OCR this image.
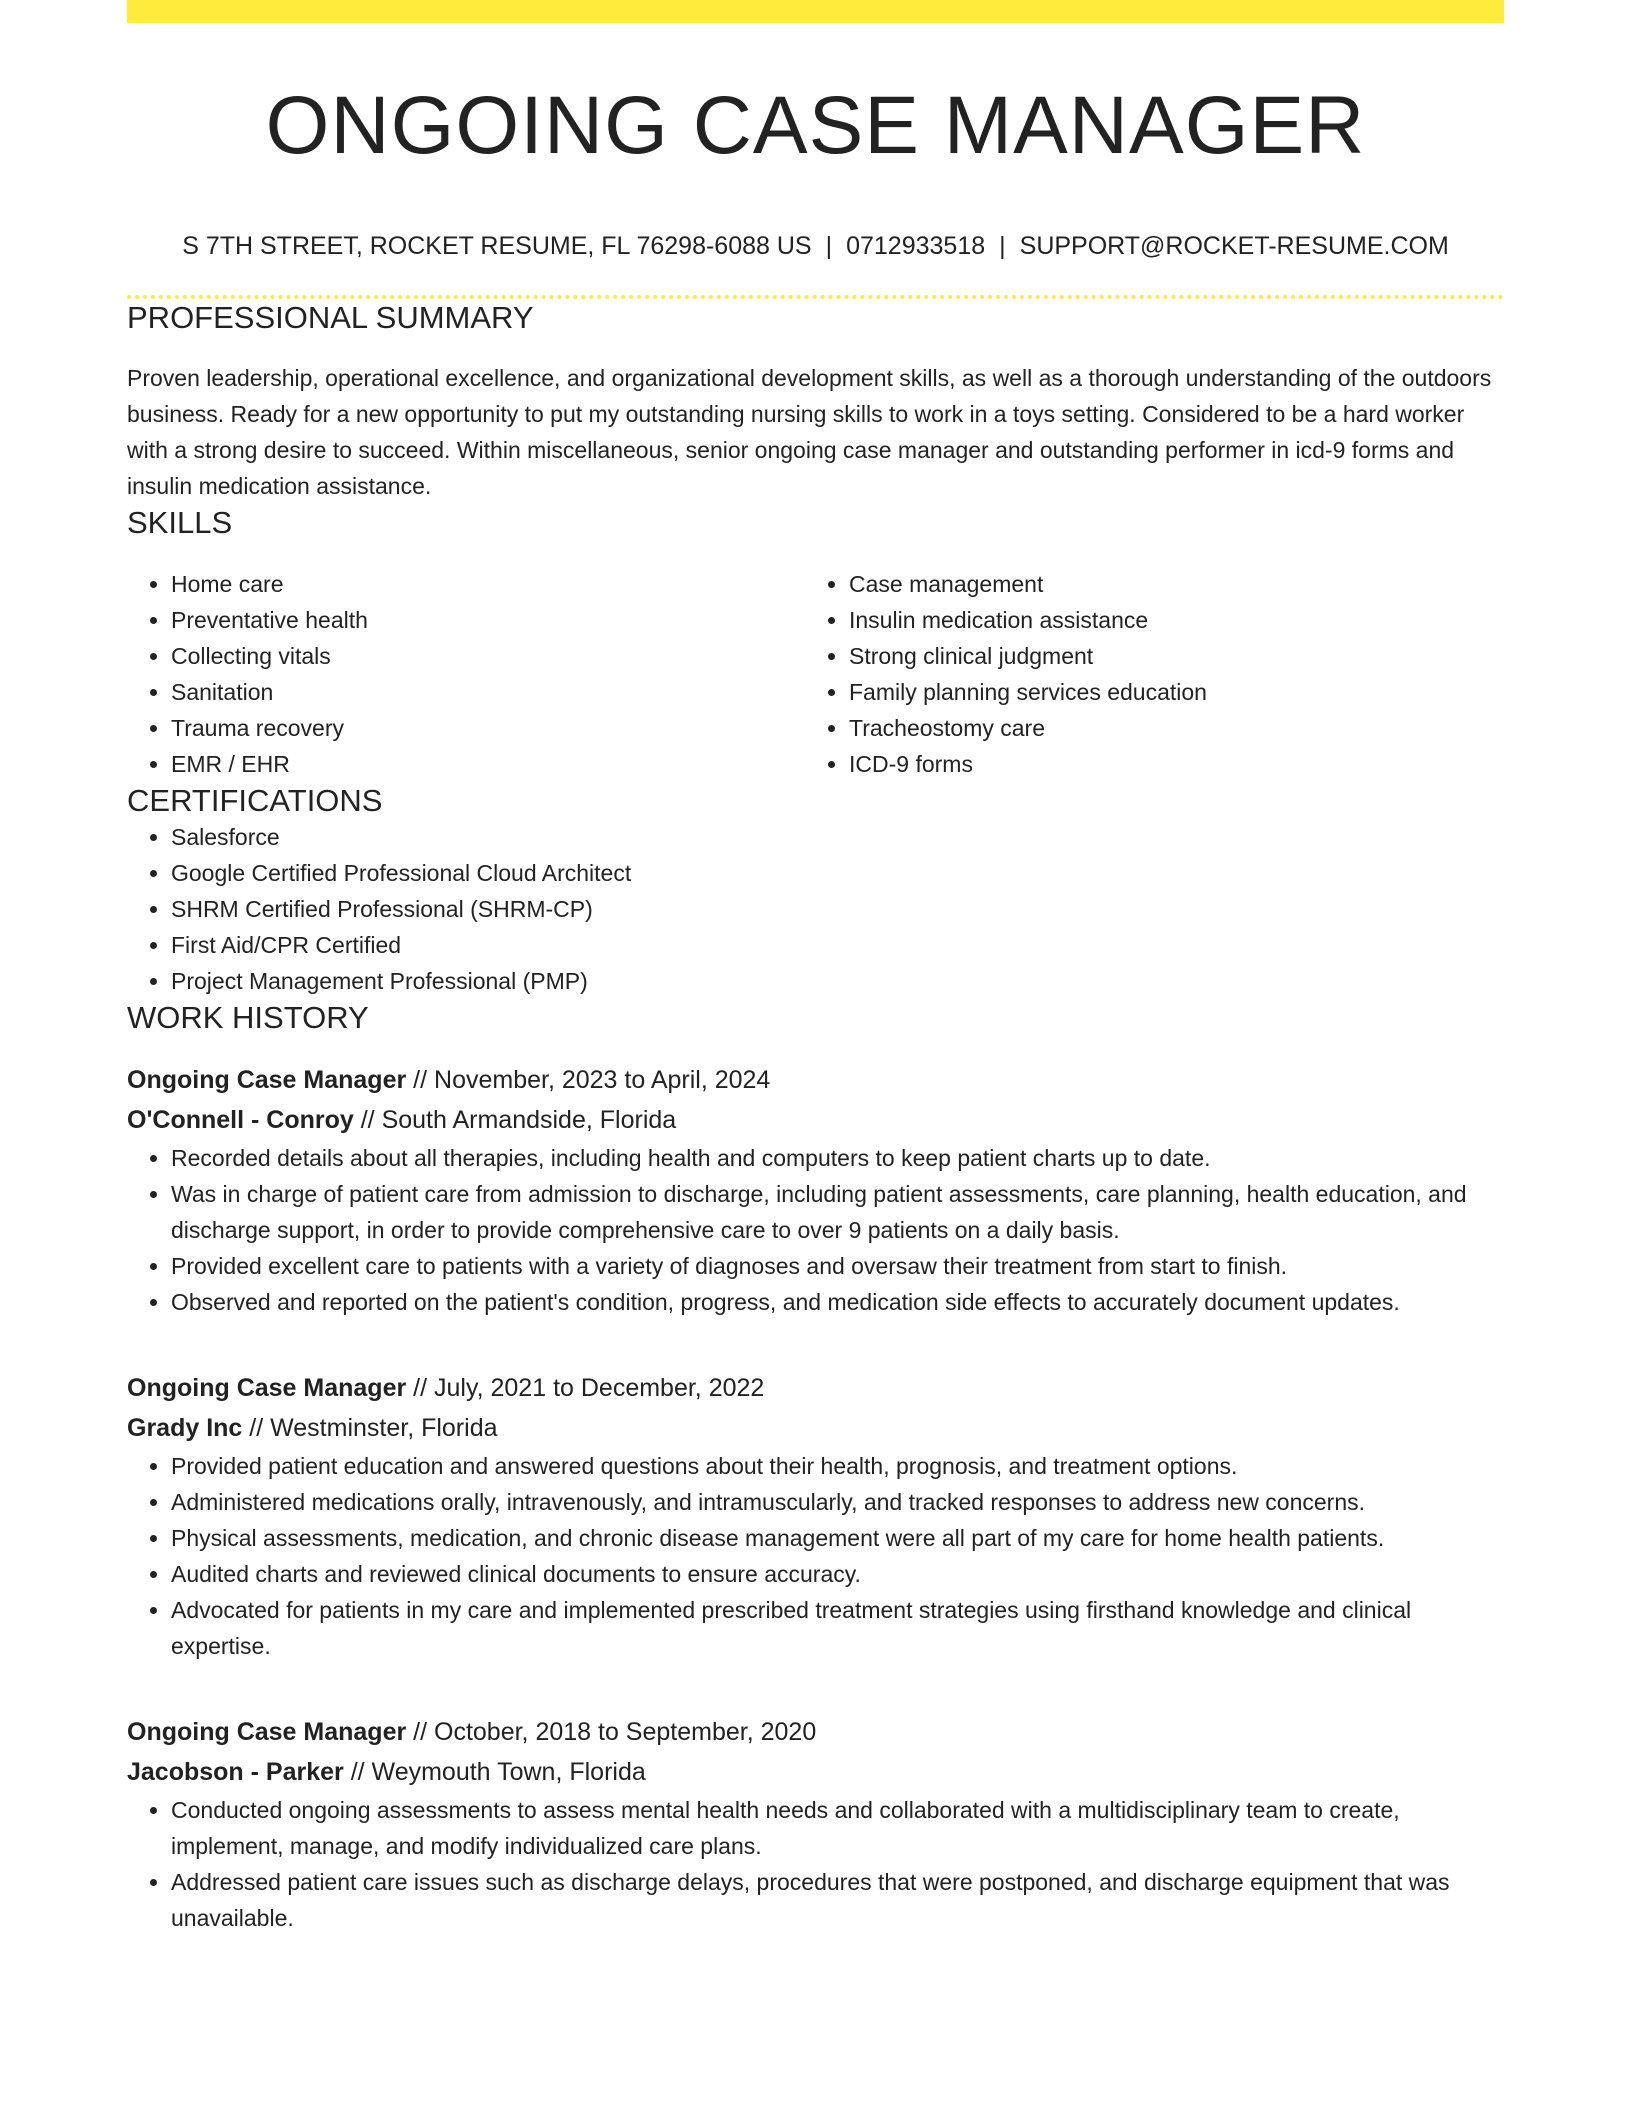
ONGOING CASE MANAGER
S 7TH STREET, ROCKET RESUME, FL 76298-6088 US | 0712933518 | SUPPORT@ROCKET-RESUME.COM
PROFESSIONAL SUMMARY

Proven leadership, operational excellence, and organizational development skills, as well as a thorough understanding of the outdoors business. Ready for a new opportunity to put my outstanding nursing skills to work in a toys setting. Considered to be a hard worker with a strong desire to succeed. Within miscellaneous, senior ongoing case manager and outstanding performer in icd-9 forms and insulin medication assistance.

SKILLS
• Home care
• Preventative health
• Collecting vitals
• Sanitation
• Trauma recovery
• EMR / EHR
• Case management
• Insulin medication assistance
• Strong clinical judgment
• Family planning services education
• Tracheostomy care
• ICD-9 forms
CERTIFICATIONS
• Salesforce
• Google Certified Professional Cloud Architect
• SHRM Certified Professional (SHRM-CP)
• First Aid/CPR Certified
• Project Management Professional (PMP)
WORK HISTORY
Ongoing Case Manager // November, 2023 to April, 2024
O'Connell - Conroy // South Armandside, Florida
• Recorded details about all therapies, including health and computers to keep patient charts up to date.
• Was in charge of patient care from admission to discharge, including patient assessments, care planning, health education, and discharge support, in order to provide comprehensive care to over 9 patients on a daily basis.
• Provided excellent care to patients with a variety of diagnoses and oversaw their treatment from start to finish.
• Observed and reported on the patient's condition, progress, and medication side effects to accurately document updates.
Ongoing Case Manager // July, 2021 to December, 2022
Grady Inc // Westminster, Florida
• Provided patient education and answered questions about their health, prognosis, and treatment options.
• Administered medications orally, intravenously, and intramuscularly, and tracked responses to address new concerns.
• Physical assessments, medication, and chronic disease management were all part of my care for home health patients.
• Audited charts and reviewed clinical documents to ensure accuracy.
• Advocated for patients in my care and implemented prescribed treatment strategies using firsthand knowledge and clinical expertise.
Ongoing Case Manager // October, 2018 to September, 2020
Jacobson - Parker // Weymouth Town, Florida
• Conducted ongoing assessments to assess mental health needs and collaborated with a multidisciplinary team to create, implement, manage, and modify individualized care plans.
• Addressed patient care issues such as discharge delays, procedures that were postponed, and discharge equipment that was unavailable.
